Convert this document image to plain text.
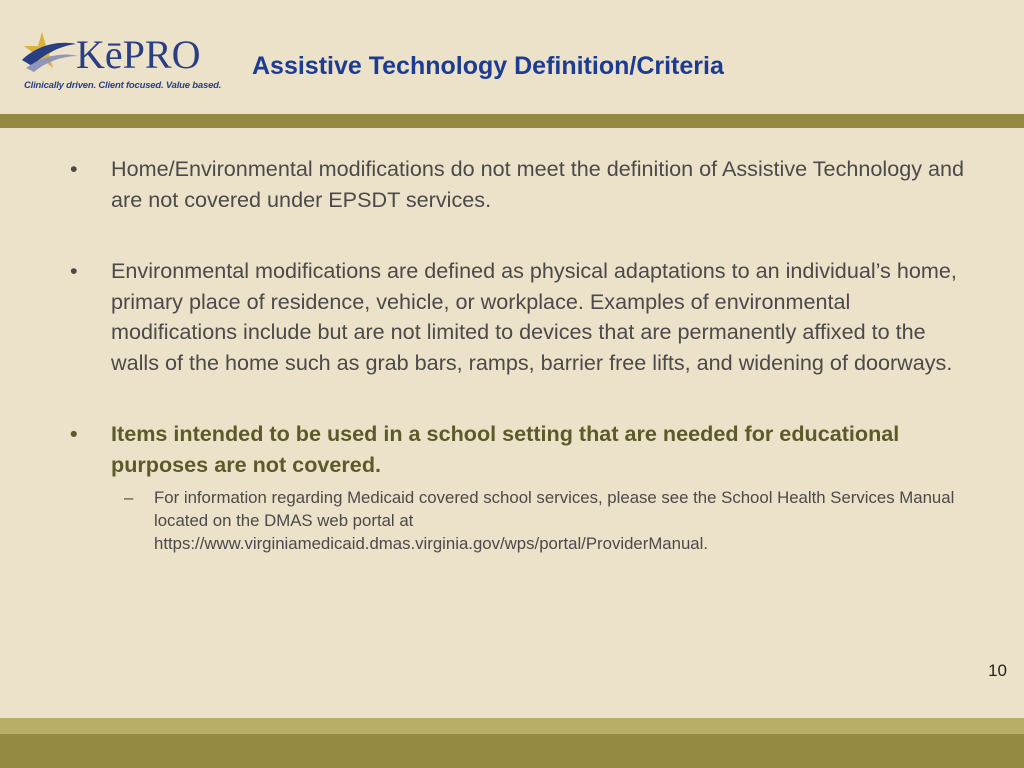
KēPRO
Clinically driven. Client focused. Value based.
Assistive Technology Definition/Criteria
•	Home/Environmental modifications do not meet the definition of Assistive Technology and are not covered under EPSDT services.
•	Environmental modifications are defined as physical adaptations to an individual’s home, primary place of residence, vehicle, or workplace. Examples of environmental modifications include but are not limited to devices that are permanently affixed to the walls of the home such as grab bars, ramps, barrier free lifts, and widening of doorways.
•	Items intended to be used in a school setting that are needed for educational purposes are not covered.
– For information regarding Medicaid covered school services, please see the School Health Services Manual located on the DMAS web portal at https://www.virginiamedicaid.dmas.virginia.gov/wps/portal/ProviderManual.
10
